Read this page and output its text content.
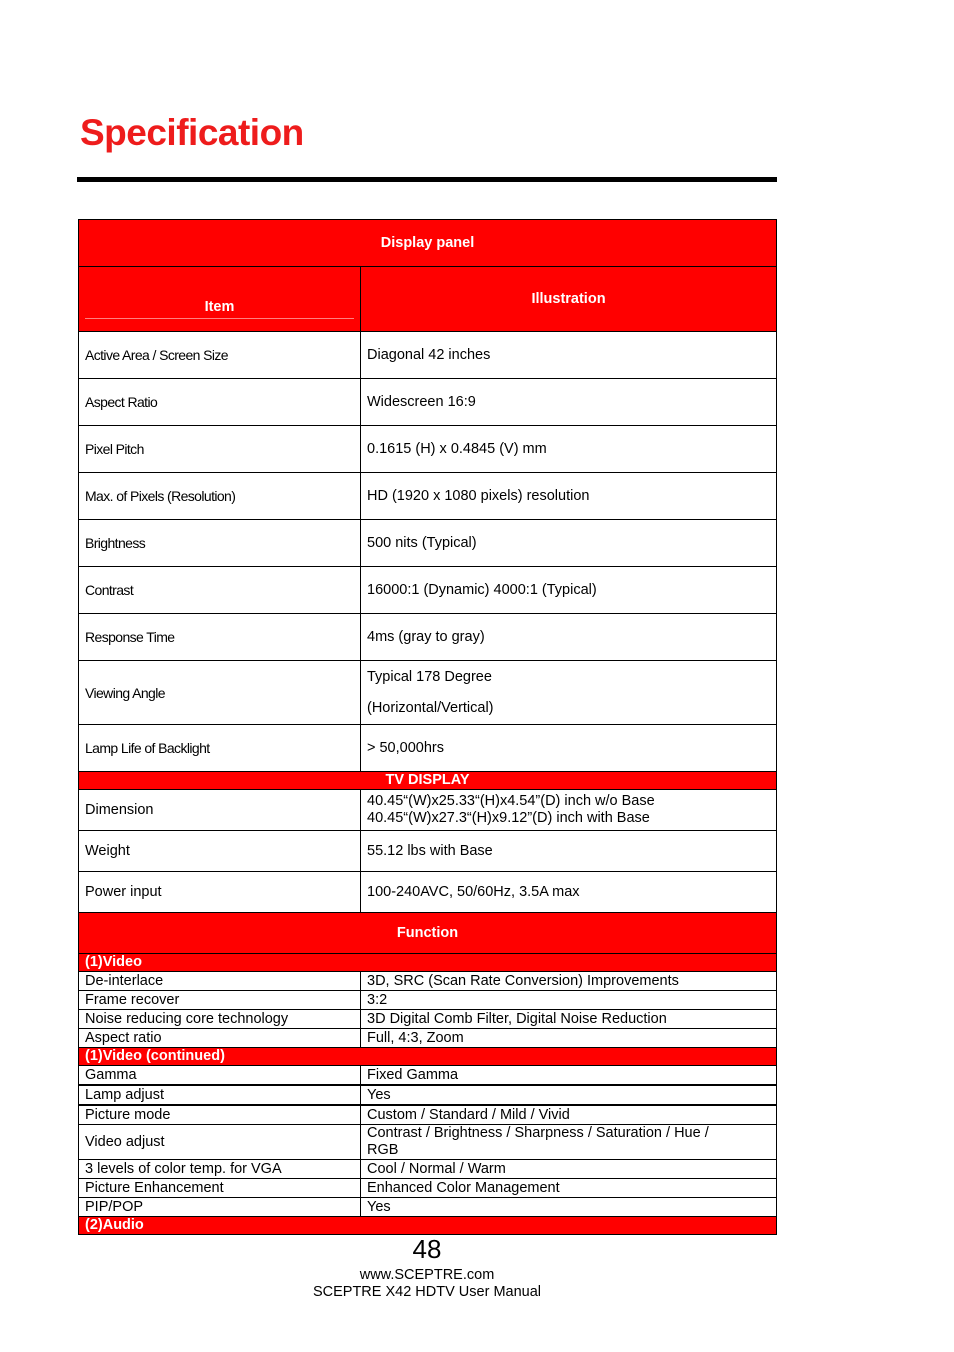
Specification
Display panel	

Item	Illustration
Active Area / Screen Size	Diagonal 42 inches
Aspect Ratio	Widescreen 16:9
Pixel Pitch	0.1615 (H) x 0.4845 (V) mm
Max. of Pixels (Resolution)	HD (1920 x 1080 pixels) resolution
Brightness	500 nits (Typical)
Contrast	16000:1 (Dynamic) 4000:1 (Typical)
Response Time	4ms (gray to gray)
Viewing Angle	Typical 178 Degree
(Horizontal/Vertical)

Lamp Life of Backlight	> 50,000hrs
TV DISPLAY	
Dimension	40.45“(W)x25.33“(H)x4.54”(D) inch w/o Base
40.45“(W)x27.3“(H)x9.12”(D) inch with Base

Weight	55.12 lbs with Base
Power input	100-240AVC, 50/60Hz, 3.5A max
Function	
(1)Video	
De-interlace	3D, SRC (Scan Rate Conversion) Improvements
Frame recover	3:2
Noise reducing core technology	3D Digital Comb Filter, Digital Noise Reduction
Aspect ratio	Full, 4:3, Zoom
(1)Video (continued)	
Gamma	Fixed Gamma
Lamp adjust	Yes
Picture mode	Custom / Standard / Mild / Vivid
Video adjust	Contrast / Brightness / Sharpness / Saturation / Hue /
RGB

3 levels of color temp. for VGA	Cool / Normal / Warm
Picture Enhancement	Enhanced Color Management
PIP/POP	Yes
(2)Audio	
48
www.SCEPTRE.com
SCEPTRE X42 HDTV User Manual
